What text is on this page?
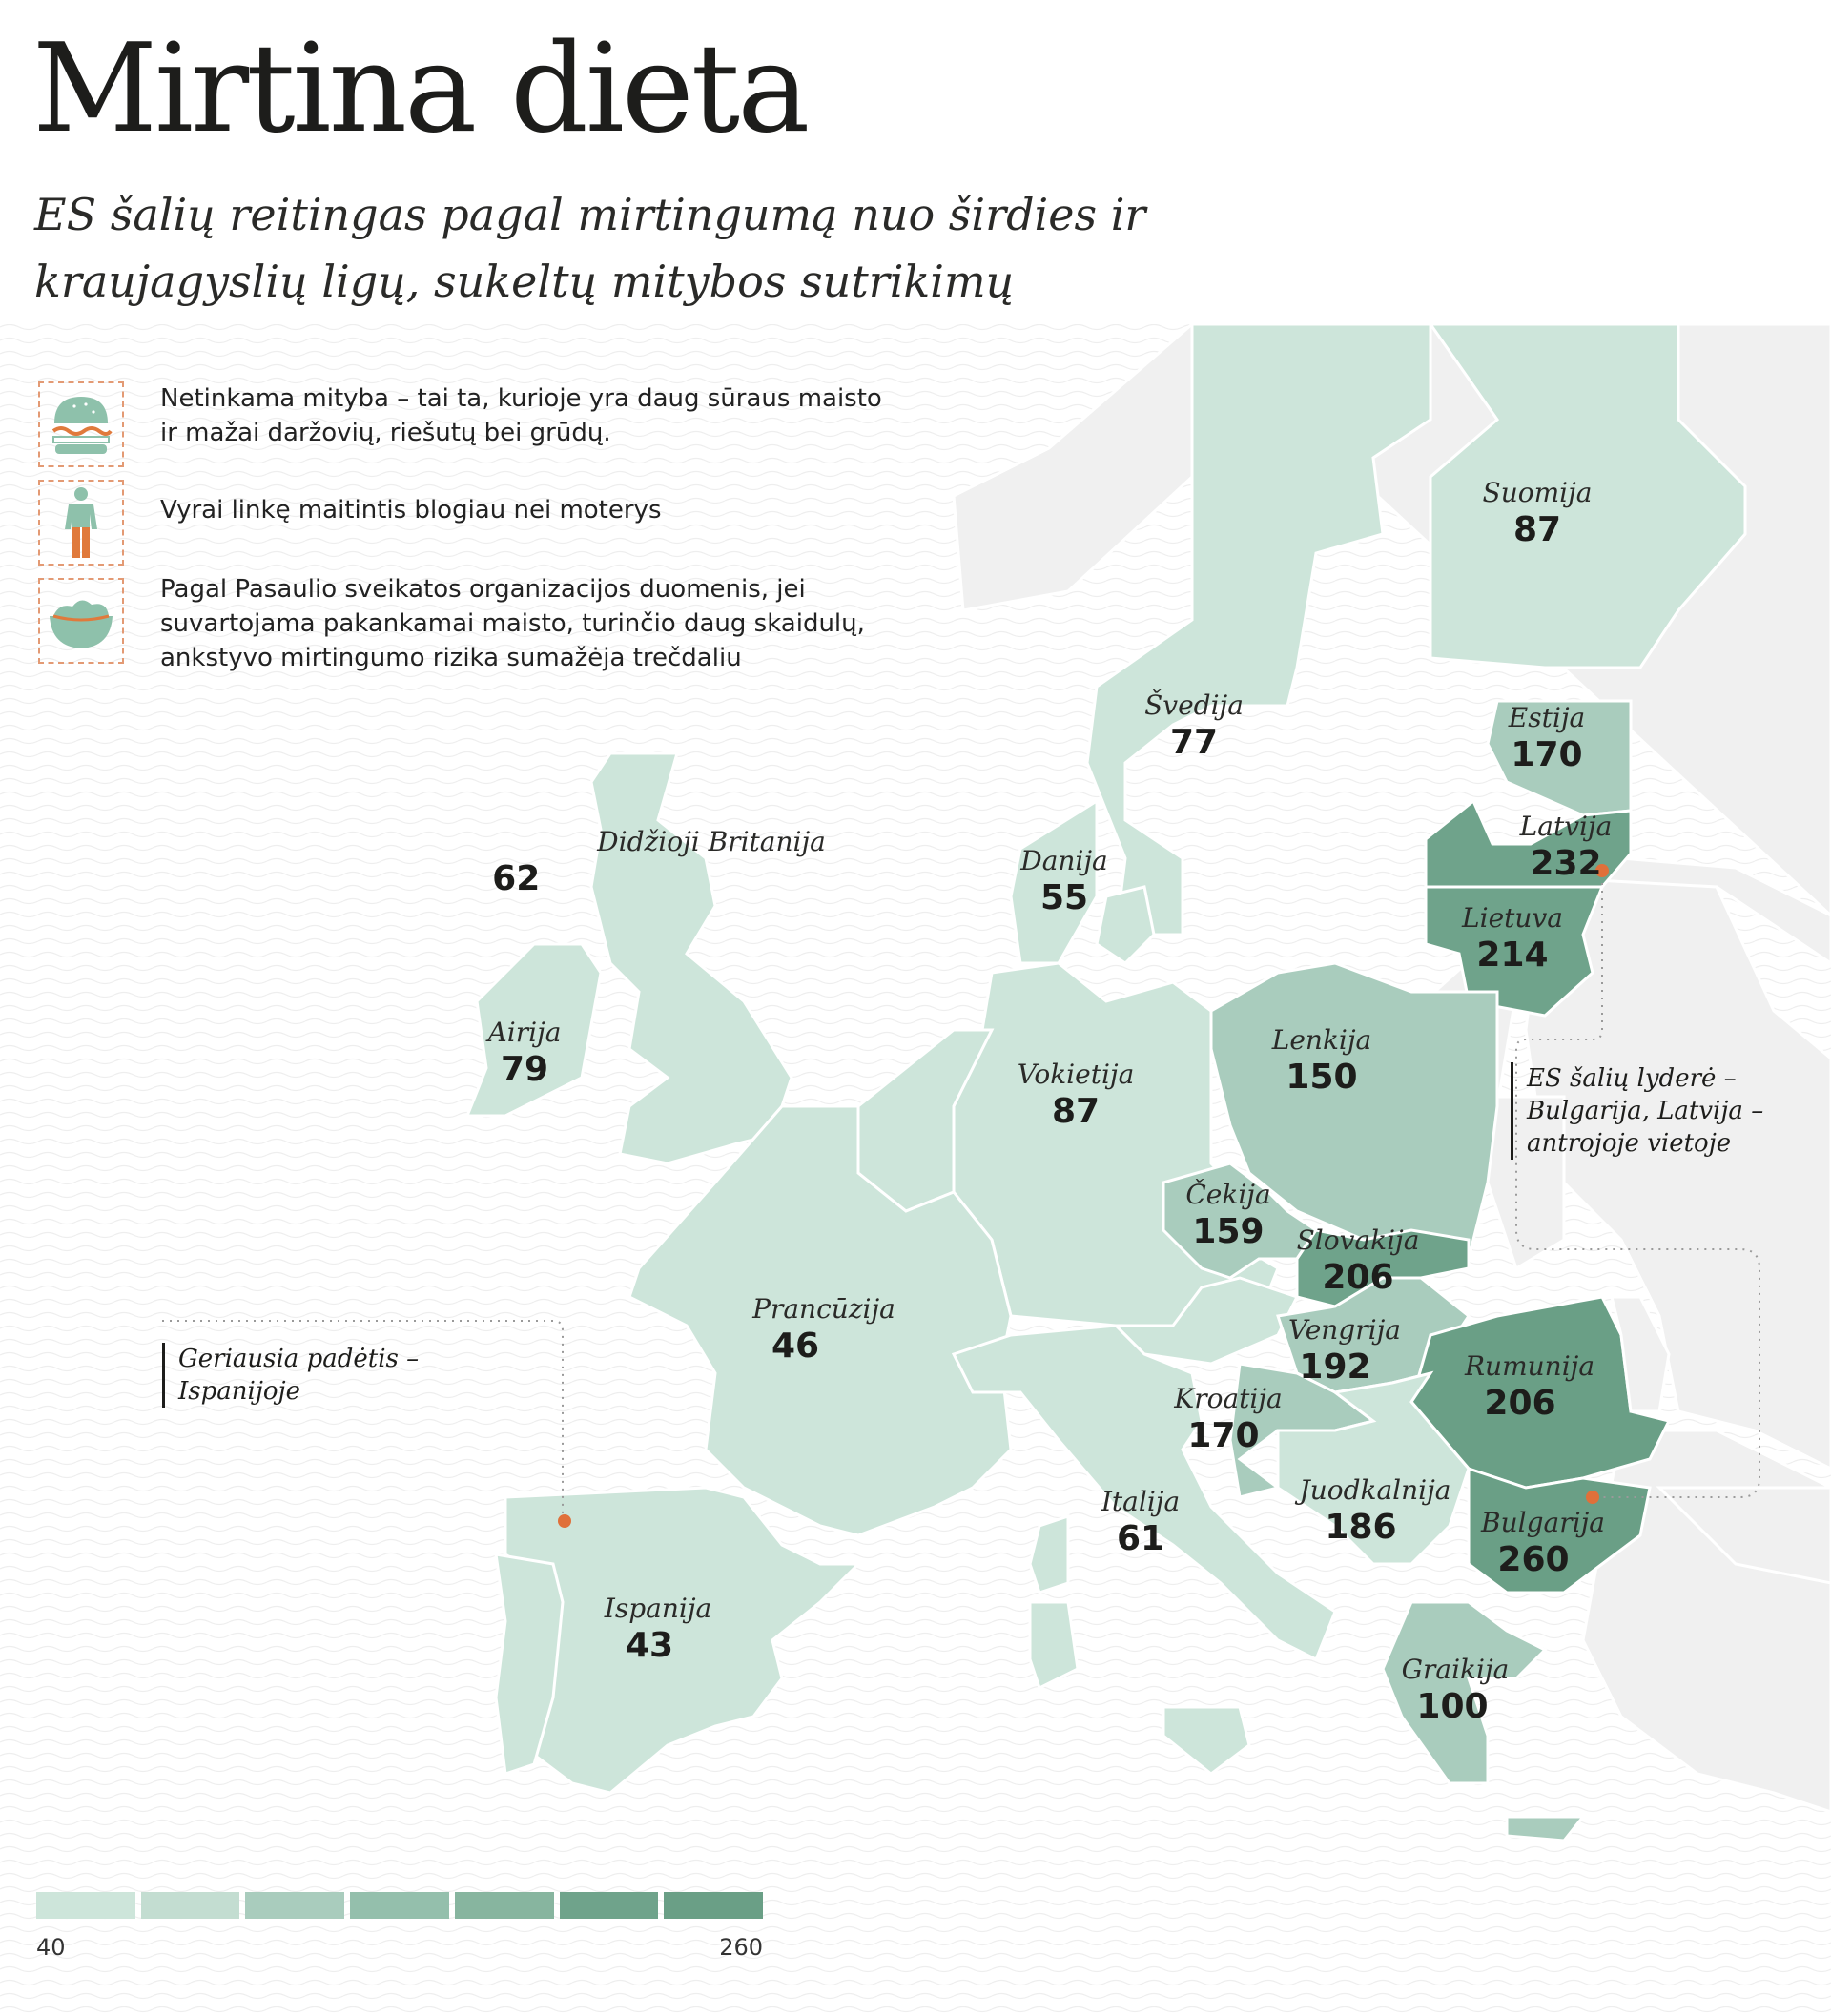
Mirtina dieta
ES šalių reitingas pagal mirtingumą nuo širdies ir kraujagyslių ligų, sukeltų mitybos sutrikimų
Netinkama mityba – tai ta, kurioje yra daug sūraus maisto ir mažai daržovių, riešutų bei grūdų.
Vyrai linkę maitintis blogiau nei moterys
Pagal Pasaulio sveikatos organizacijos duomenis, jei suvartojama pakankamai maisto, turinčio daug skaidulų, ankstyvo mirtingumo rizika sumažėja trečdaliu
Suomija
87
Švedija
77
Estija
170
Latvija
232
Lietuva
214
Didžioji Britanija
62	Danija
55
Airija
79	Vokietija
87
Lenkija
150
Čekija
159 Slovakija
206
Prancūzija
46	Vengrija
192	Rumunija
206
Kroatija
170
Italija
61
Juodkalnija
186	Bulgarija
260
Ispanija
43
Graikija
100
ES šalių lyderė – Bulgarija, Latvija – antrojoje vietoje
Geriausia padėtis – Ispanijoje
40	260
